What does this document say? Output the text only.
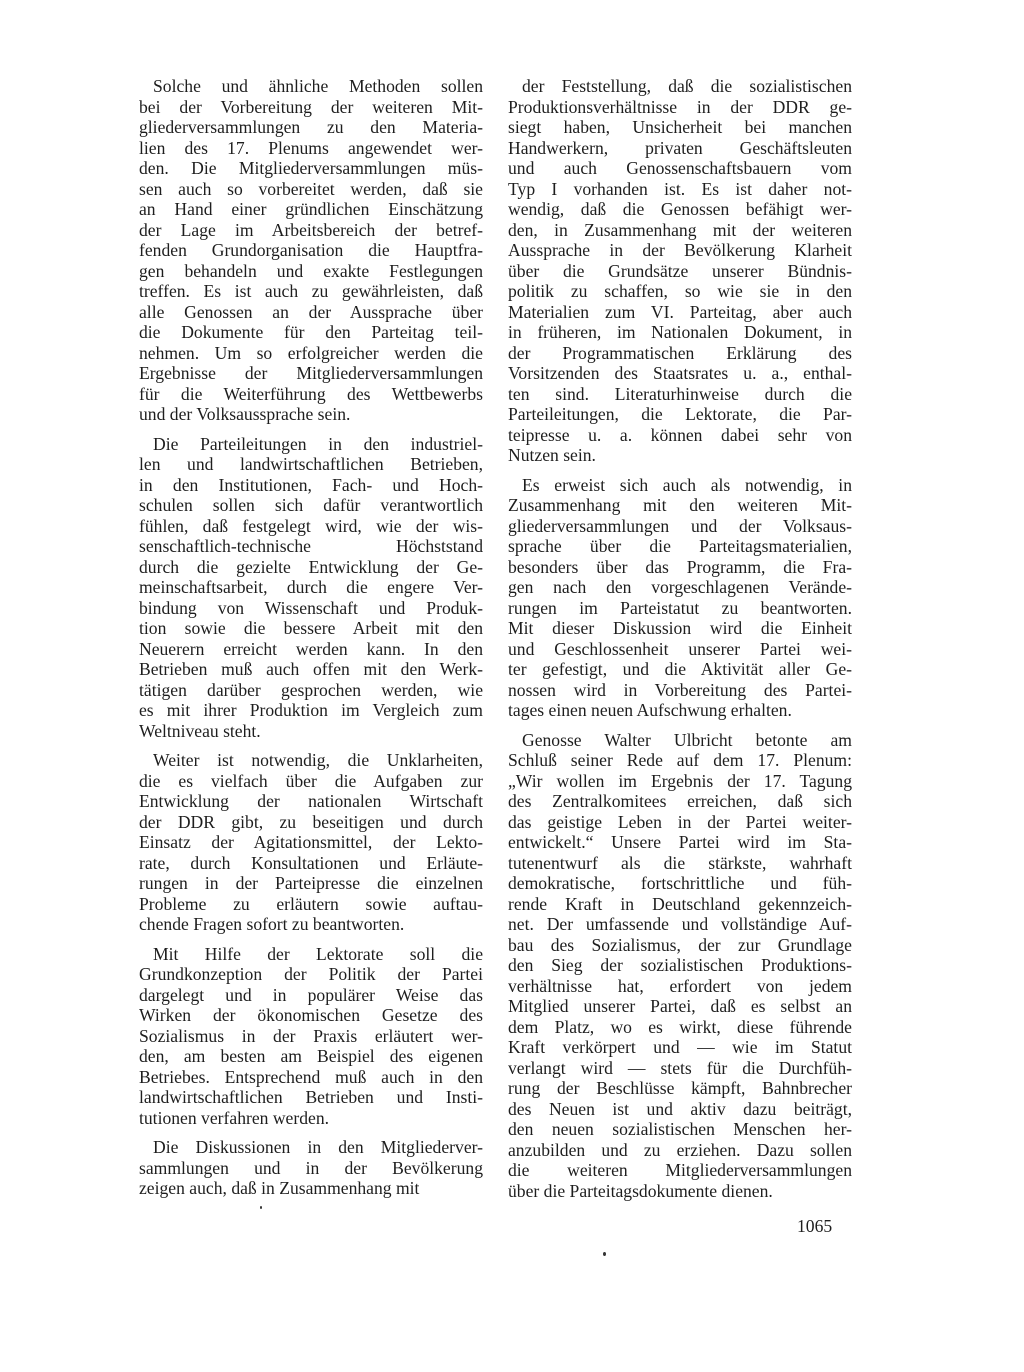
Solche und ähnliche Methoden sollen
bei der Vorbereitung der weiteren Mit-
gliederversammlungen zu den Materia-
lien des 17. Plenums angewendet wer-
den. Die Mitgliederversammlungen müs-
sen auch so vorbereitet werden, daß sie
an Hand einer gründlichen Einschätzung
der Lage im Arbeitsbereich der betref-
fenden Grundorganisation die Hauptfra-
gen behandeln und exakte Festlegungen
treffen. Es ist auch zu gewährleisten, daß
alle Genossen an der Aussprache über
die Dokumente für den Parteitag teil-
nehmen. Um so erfolgreicher werden die
Ergebnisse der Mitgliederversammlungen
für die Weiterführung des Wettbewerbs
und der Volksaussprache sein.
Die Parteileitungen in den industriel-
len und landwirtschaftlichen Betrieben,
in den Institutionen, Fach- und Hoch-
schulen sollen sich dafür verantwortlich
fühlen, daß festgelegt wird, wie der wis-
senschaftlich-technische Höchststand
durch die gezielte Entwicklung der Ge-
meinschaftsarbeit, durch die engere Ver-
bindung von Wissenschaft und Produk-
tion sowie die bessere Arbeit mit den
Neuerern erreicht werden kann. In den
Betrieben muß auch offen mit den Werk-
tätigen darüber gesprochen werden, wie
es mit ihrer Produktion im Vergleich zum
Weltniveau steht.
Weiter ist notwendig, die Unklarheiten,
die es vielfach über die Aufgaben zur
Entwicklung der nationalen Wirtschaft
der DDR gibt, zu beseitigen und durch
Einsatz der Agitationsmittel, der Lekto-
rate, durch Konsultationen und Erläute-
rungen in der Parteipresse die einzelnen
Probleme zu erläutern sowie auftau-
chende Fragen sofort zu beantworten.
Mit Hilfe der Lektorate soll die
Grundkonzeption der Politik der Partei
dargelegt und in populärer Weise das
Wirken der ökonomischen Gesetze des
Sozialismus in der Praxis erläutert wer-
den, am besten am Beispiel des eigenen
Betriebes. Entsprechend muß auch in den
landwirtschaftlichen Betrieben und Insti-
tutionen verfahren werden.
Die Diskussionen in den Mitgliederver-
sammlungen und in der Bevölkerung
zeigen auch, daß in Zusammenhang mit
der Feststellung, daß die sozialistischen
Produktionsverhältnisse in der DDR ge-
siegt haben, Unsicherheit bei manchen
Handwerkern, privaten Geschäftsleuten
und auch Genossenschaftsbauern vom
Typ I vorhanden ist. Es ist daher not-
wendig, daß die Genossen befähigt wer-
den, in Zusammenhang mit der weiteren
Aussprache in der Bevölkerung Klarheit
über die Grundsätze unserer Bündnis-
politik zu schaffen, so wie sie in den
Materialien zum VI. Parteitag, aber auch
in früheren, im Nationalen Dokument, in
der Programmatischen Erklärung des
Vorsitzenden des Staatsrates u. a., enthal-
ten sind. Literaturhinweise durch die
Parteileitungen, die Lektorate, die Par-
teipresse u. a. können dabei sehr von
Nutzen sein.
Es erweist sich auch als notwendig, in
Zusammenhang mit den weiteren Mit-
gliederversammlungen und der Volksaus-
sprache über die Parteitagsmaterialien,
besonders über das Programm, die Fra-
gen nach den vorgeschlagenen Verände-
rungen im Parteistatut zu beantworten.
Mit dieser Diskussion wird die Einheit
und Geschlossenheit unserer Partei wei-
ter gefestigt, und die Aktivität aller Ge-
nossen wird in Vorbereitung des Partei-
tages einen neuen Aufschwung erhalten.
Genosse Walter Ulbricht betonte am
Schluß seiner Rede auf dem 17. Plenum:
„Wir wollen im Ergebnis der 17. Tagung
des Zentralkomitees erreichen, daß sich
das geistige Leben in der Partei weiter-
entwickelt.“ Unsere Partei wird im Sta-
tutenentwurf als die stärkste, wahrhaft
demokratische, fortschrittliche und füh-
rende Kraft in Deutschland gekennzeich-
net. Der umfassende und vollständige Auf-
bau des Sozialismus, der zur Grundlage
den Sieg der sozialistischen Produktions-
verhältnisse hat, erfordert von jedem
Mitglied unserer Partei, daß es selbst an
dem Platz, wo es wirkt, diese führende
Kraft verkörpert und — wie im Statut
verlangt wird — stets für die Durchfüh-
rung der Beschlüsse kämpft, Bahnbrecher
des Neuen ist und aktiv dazu beiträgt,
den neuen sozialistischen Menschen her-
anzubilden und zu erziehen. Dazu sollen
die weiteren Mitgliederversammlungen
über die Parteitagsdokumente dienen.
1065
